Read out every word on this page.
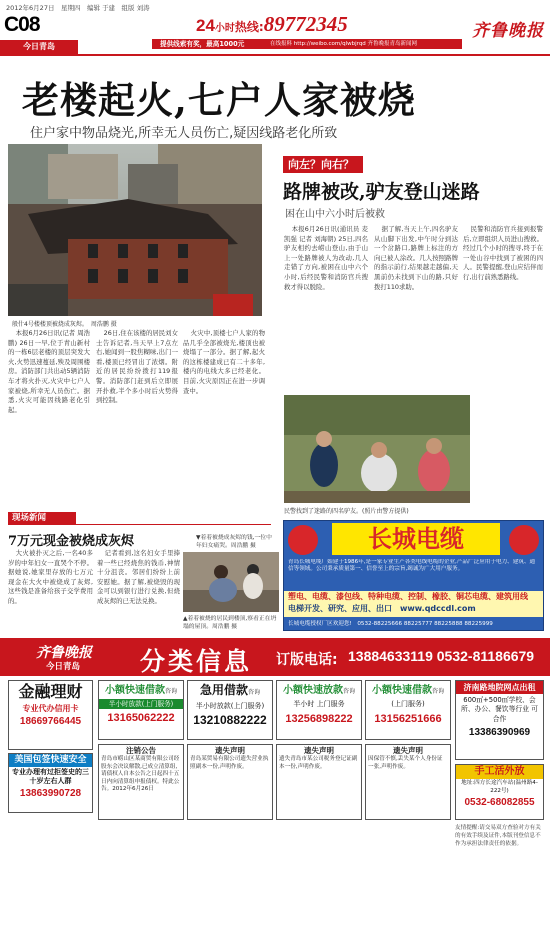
2012年6月27日　星期四　编辑 于建　组版 刘涛
C08
今日青岛
24小时热线:89772345
提供线索有奖，最高1000元	在线报料 http://weibo.com/qlwbjrqd 齐鲁晚报青岛新闻网
齐鲁晚报
老楼起火,七户人家被烧
住户家中物品烧光,所幸无人员伤亡,疑因线路老化所致
般什4号楼楼顶被烧成灰烬。　周浩鹏 摄

本报6月26日讯(记者 周浩鹏) 26日一早,位于青山新村的一栋6层老楼的顶层突发大火,火势迅速蔓延,殃及周围楼房。消防部门共出动5辆消防车才将火扑灭,火灾中七户人家被烧,所幸无人员伤亡。据悉,火灾可能因线路老化引起。

26日,住在该楼的居民刘女士告诉记者,当天早上7点左右,她闻到一股焦糊味,出门一看,楼顶已经冒出了浓烟。附近的居民纷纷拨打119报警。消防部门赶到后立即展开扑救,半个多小时后火势得到控制。

火灾中,顶楼七户人家的物品几乎全部被烧光,楼顶也被烧塌了一部分。据了解,起火的这栋楼建成已有二十多年,楼内的电线大多已经老化。目前,火灾原因正在进一步调查中。

向左？向右？
路牌被改,驴友登山迷路
困在山中六小时后被救

本报6月26日讯(通讯员 麦凯强 记者 刘海朝) 25日,四名驴友相约去崂山登山,由于山上一处路牌被人为改动,几人走错了方向,被困在山中六个小时,后经民警和消防官兵搜救才得以脱险。

据了解,当天上午,四名驴友从山脚下出发,中午时分到达一个岔路口,路牌上标注的方向已被人涂改。几人按照路牌的指示前行,结果越走越偏,天黑前仍未找到下山的路,只好拨打110求助。

民警和消防官兵接到报警后,立即组织人员进山搜救。经过几个小时的搜寻,终于在一处山谷中找到了被困的四人。民警提醒,登山应结伴而行,出行前熟悉路线。

民警找到了迷路的四名驴友。(照片由警方提供)
现场新闻
7万元现金被烧成灰烬

大火被扑灭之后,一名40多岁的中年妇女一直哭个不停。据她说,她家里存放的七万元现金在大火中被烧成了灰烬,这些钱是准备给孩子交学费用的。

记者看到,这名妇女手里捧着一些已经烧焦的钱币,神情十分沮丧。邻居们纷纷上前安慰她。据了解,被烧毁的现金可以到银行进行兑换,但烧成灰烬的已无法兑换。

▼着着被烧成灰烬的钱,一位中年妇女痛哭。周浩鹏 摄
▲着着被烧的居民到楼顶,察看正在坍塌的屋顶。周浩鹏 摄
长城电缆
青岛长城电缆厂始建于1986年,是一家专业生产各类电线电缆的企业,产品广泛应用于电力、建筑、通信等领域。公司秉承质量第一、信誉至上的宗旨,竭诚为广大用户服务。
塑电、电缆、漆包线、特种电缆、控制、橡胶、铜芯电缆、建筑用线
电梯开发、研究、应用、出口　www.qdccdl.com
长城电缆授权厂区欢迎您!　0532-88225666 88225777 88225888 88225999
齐鲁晚报
今日青岛 分类信息 订版电话: 13884633119 0532-81186679
金融理财
专业代办信用卡
18669766445
美国包签快速安全
专业办理有过拒签史的三十岁左右人群
13863990728
小额快速借款咨询
半小时放款(上门服务)
13165062222
急用借款咨询
半小时放款(上门服务)
13210882222
小额快速放款咨询
半小时 上门服务
13256898222
小额快速借款咨询
(上门服务)
13156251666
济南路地院网点出租
600㎡+500㎡学校、会所、办公、餐饮等行业 可合作
13386390969
注销公告
青岛市崂山区某商贸有限公司经股东会决议解散,已成立清算组,请债权人自本公告之日起四十五日内向清算组申报债权。特此公告。2012年6月26日
遗失声明
青岛某贸易有限公司遗失营业执照副本一份,声明作废。
遗失声明
遗失青岛市某公司税务登记证副本一份,声明作废。
遗失声明
因保管不慎,丢失某个人身份证一张,声明作废。	手工活外放
地址:四方长途汽车站(温州路4-222号)
0532-68082855
友情提醒:请交易双方查验对方有关的有效手续及证件,本版刊登信息不作为承担法律责任的依据。
